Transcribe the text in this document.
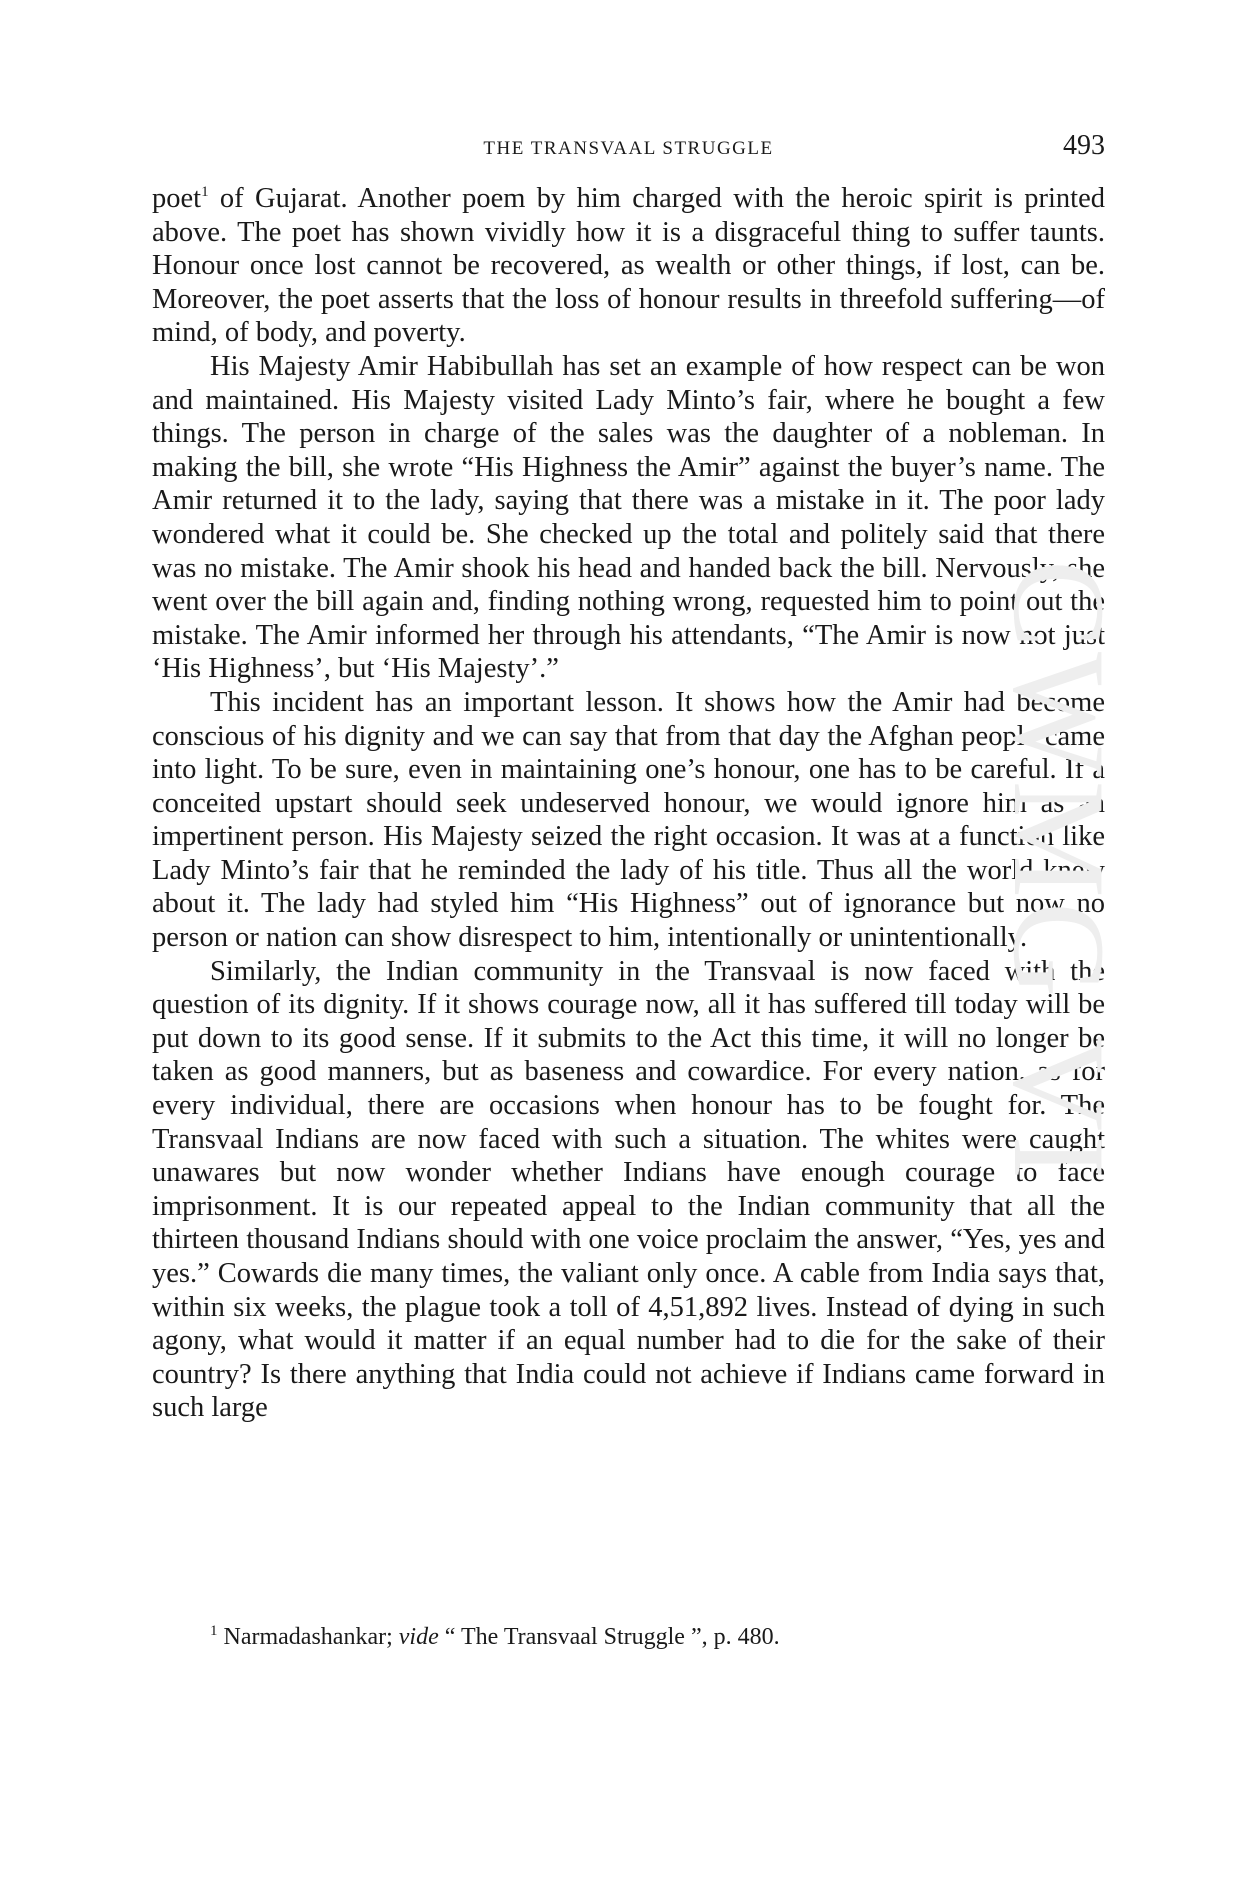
THE TRANSVAAL STRUGGLE	493

poet$^1$ of Gujarat. Another poem by him charged with the heroic spirit is printed above. The poet has shown vividly how it is a disgraceful thing to suffer taunts. Honour once lost cannot be recovered, as wealth or other things, if lost, can be. Moreover, the poet asserts that the loss of honour results in threefold suffering—of mind, of body, and poverty.

His Majesty Amir Habibullah has set an example of how respect can be won and maintained. His Majesty visited Lady Minto’s fair, where he bought a few things. The person in charge of the sales was the daughter of a nobleman. In making the bill, she wrote “His Highness the Amir” against the buyer’s name. The Amir returned it to the lady, saying that there was a mistake in it. The poor lady wondered what it could be. She checked up the total and politely said that there was no mistake. The Amir shook his head and handed back the bill. Nervously, she went over the bill again and, finding nothing wrong, requested him to point out the mistake. The Amir informed her through his attendants, “The Amir is now not just ‘His Highness’, but ‘His Majesty’.”

This incident has an important lesson. It shows how the Amir had become conscious of his dignity and we can say that from that day the Afghan people came into light. To be sure, even in maintaining one’s honour, one has to be careful. If a conceited upstart should seek undeserved honour, we would ignore him as an impertinent person. His Majesty seized the right occasion. It was at a function like Lady Minto’s fair that he reminded the lady of his title. Thus all the world knew about it. The lady had styled him “His Highness” out of ignorance but now no person or nation can show disrespect to him, intentionally or unintentionally.

Similarly, the Indian community in the Transvaal is now faced with the question of its dignity. If it shows courage now, all it has suffered till today will be put down to its good sense. If it submits to the Act this time, it will no longer be taken as good manners, but as baseness and cowardice. For every nation, as for every individual, there are occasions when honour has to be fought for. The Transvaal Indians are now faced with such a situation. The whites were caught unawares but now wonder whether Indians have enough courage to face imprisonment. It is our repeated appeal to the Indian community that all the thirteen thousand Indians should with one voice proclaim the answer, “Yes, yes and yes.” Cowards die many times, the valiant only once. A cable from India says that, within six weeks, the plague took a toll of 4,51,892 lives. Instead of dying in such agony, what would it matter if an equal number had to die for the sake of their country? Is there anything that India could not achieve if Indians came forward in such large

$^1$ Narmadashankar; vide “ The Transvaal Struggle ”, p. 480.
CWMG VI
